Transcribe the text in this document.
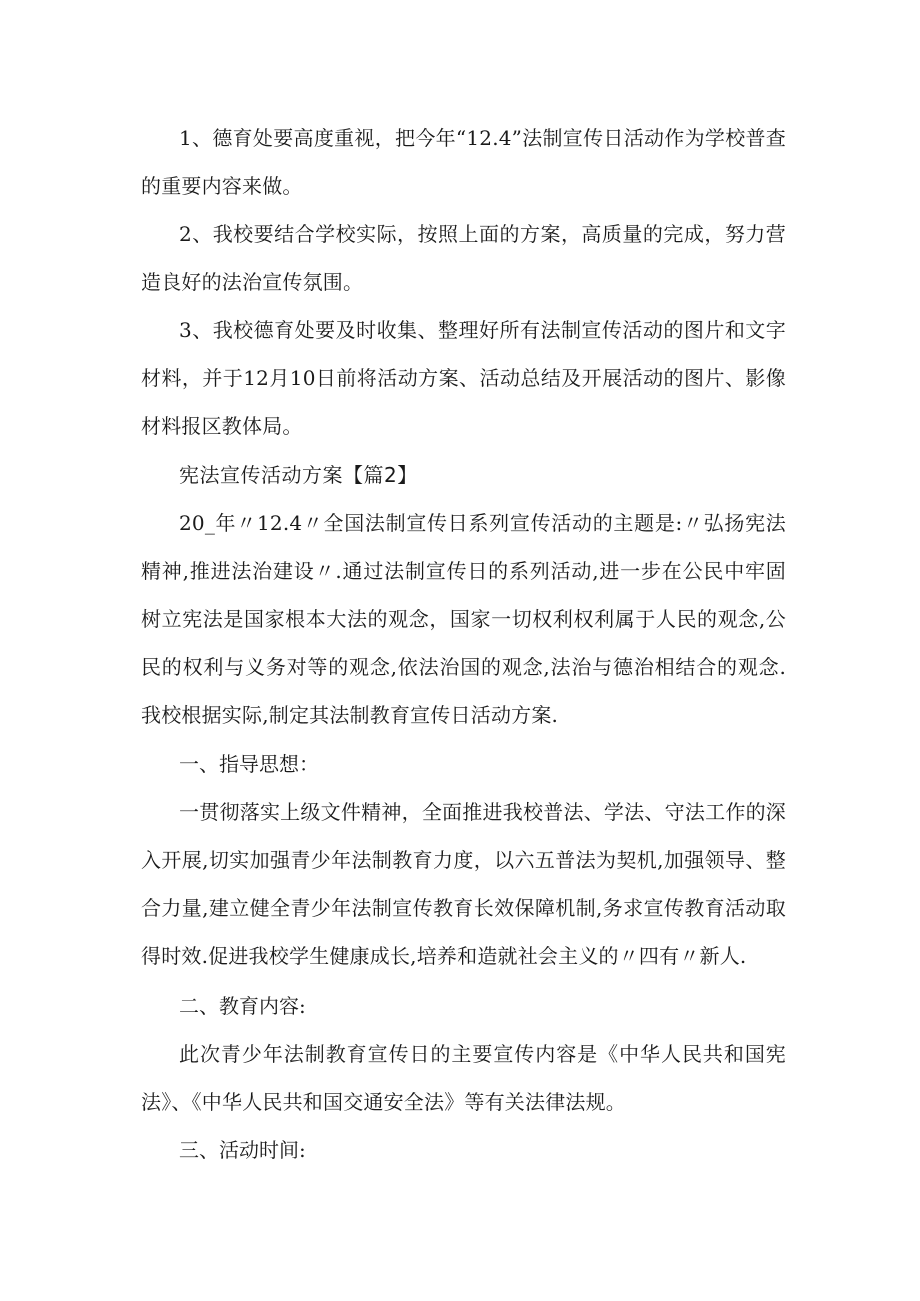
1、德育处要高度重视，把今年“12.4”法制宣传日活动作为学校普查的重要内容来做。

2、我校要结合学校实际，按照上面的方案，高质量的完成，努力营造良好的法治宣传氛围。

3、我校德育处要及时收集、整理好所有法制宣传活动的图片和文字材料，并于12月10日前将活动方案、活动总结及开展活动的图片、影像材料报区教体局。

宪法宣传活动方案【篇2】

20_年〃12.4〃全国法制宣传日系列宣传活动的主题是:〃弘扬宪法精神,推进法治建设〃.通过法制宣传日的系列活动,进一步在公民中牢固树立宪法是国家根本大法的观念，国家一切权利权利属于人民的观念,公民的权利与义务对等的观念,依法治国的观念,法治与德治相结合的观念.我校根据实际,制定其法制教育宣传日活动方案.

一、指导思想：

一贯彻落实上级文件精神，全面推进我校普法、学法、守法工作的深入开展,切实加强青少年法制教育力度，以六五普法为契机,加强领导、整合力量,建立健全青少年法制宣传教育长效保障机制,务求宣传教育活动取得时效.促进我校学生健康成长,培养和造就社会主义的〃四有〃新人.

二、教育内容:

此次青少年法制教育宣传日的主要宣传内容是《中华人民共和国宪法》、《中华人民共和国交通安全法》等有关法律法规。

三、活动时间:
